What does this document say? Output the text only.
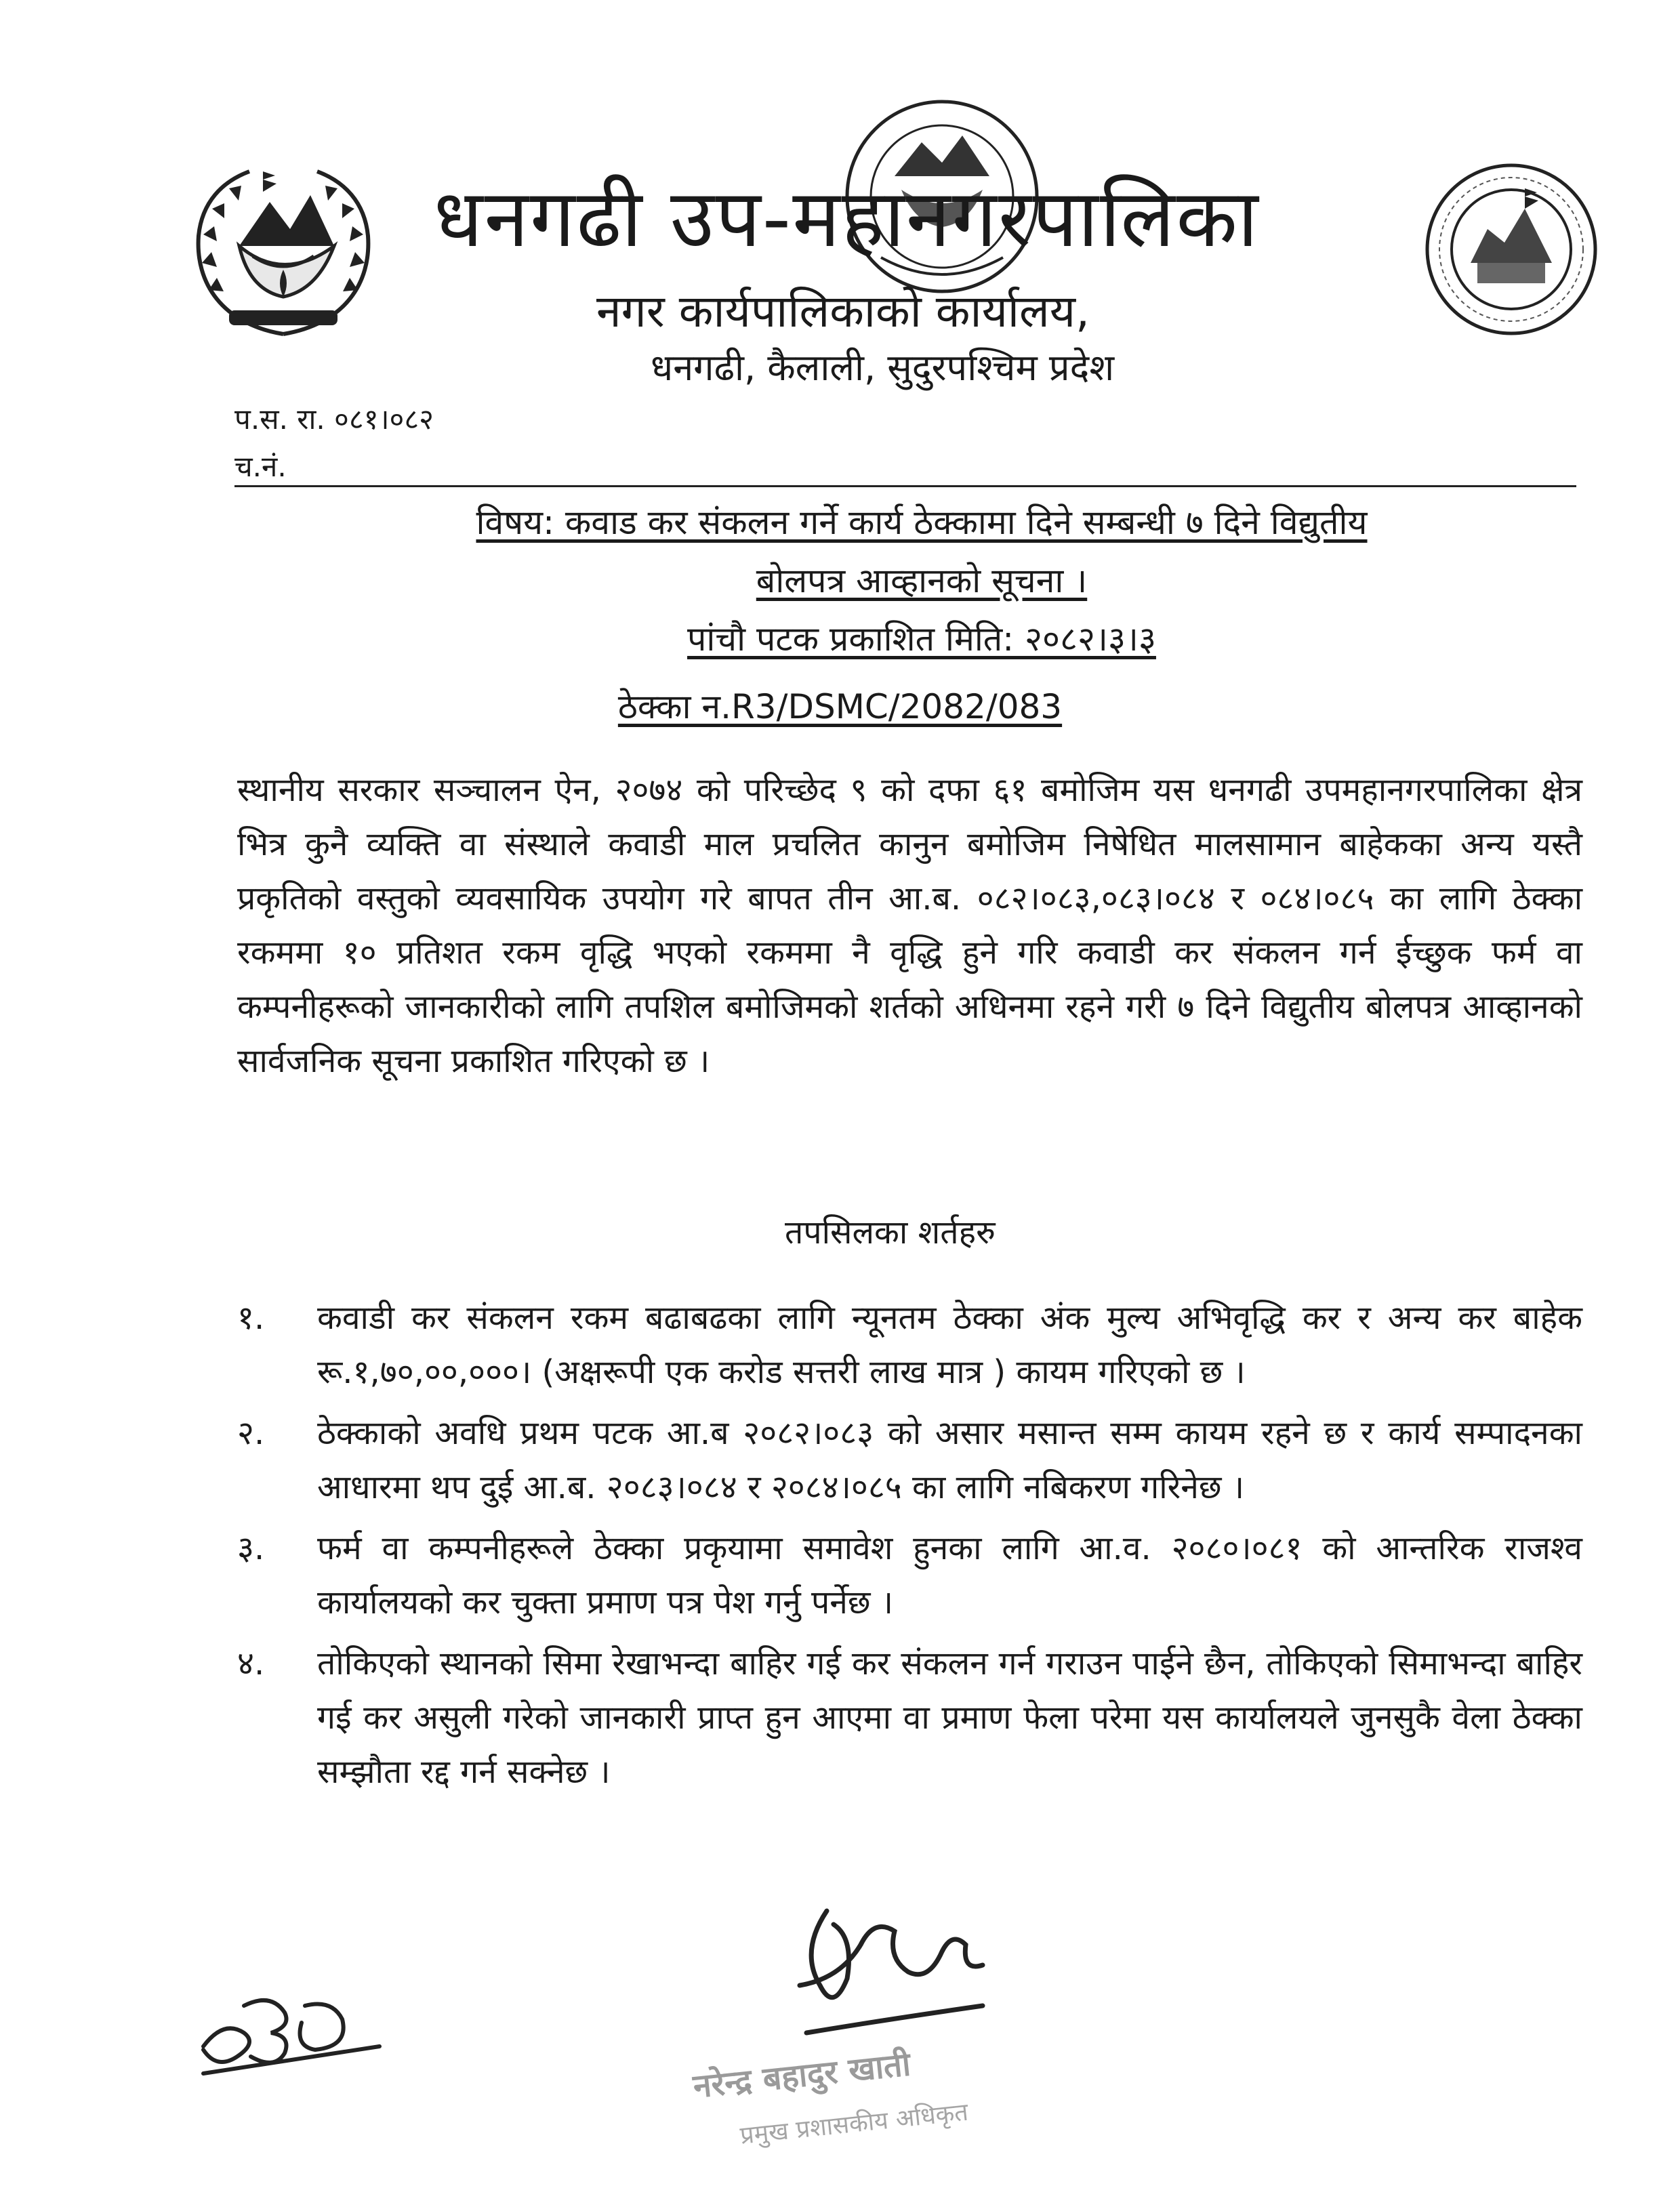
धनगढी उप-महानगरपालिका
नगर कार्यपालिकाको कार्यालय,
धनगढी, कैलाली, सुदुरपश्चिम प्रदेश
प.स. रा. ०८१।०८२
च.नं.
विषय: कवाड कर संकलन गर्ने कार्य ठेक्कामा दिने सम्बन्धी ७ दिने विद्युतीय
बोलपत्र आव्हानको सूचना ।
पांचौ पटक प्रकाशित मिति: २०८२।३।३
ठेक्का न.R3/DSMC/2082/083
स्थानीय सरकार सञ्चालन ऐन, २०७४ को परिच्छेद ९ को दफा ६१ बमोजिम यस धनगढी उपमहानगरपालिका क्षेत्र भित्र कुनै व्यक्ति वा संस्थाले कवाडी माल प्रचलित कानुन बमोजिम निषेधित मालसामान बाहेकका अन्य यस्तै प्रकृतिको वस्तुको व्यवसायिक उपयोग गरे बापत तीन आ.ब. ०८२।०८३,०८३।०८४ र ०८४।०८५ का लागि ठेक्का रकममा १० प्रतिशत रकम वृद्धि भएको रकममा नै वृद्धि हुने गरि कवाडी कर संकलन गर्न ईच्छुक फर्म वा कम्पनीहरूको जानकारीको लागि तपशिल बमोजिमको शर्तको अधिनमा रहने गरी ७ दिने विद्युतीय बोलपत्र आव्हानको सार्वजनिक सूचना प्रकाशित गरिएको छ ।
तपसिलका शर्तहरु
१.	कवाडी कर संकलन रकम बढाबढका लागि न्यूनतम ठेक्का अंक मुल्य अभिवृद्धि कर र अन्य कर बाहेक रू.१,७०,००,०००। (अक्षरूपी एक करोड सत्तरी लाख मात्र ) कायम गरिएको छ ।
२.	ठेक्काको अवधि प्रथम पटक आ.ब २०८२।०८३ को असार मसान्त सम्म कायम रहने छ र कार्य सम्पादनका आधारमा थप दुई आ.ब. २०८३।०८४ र २०८४।०८५ का लागि नबिकरण गरिनेछ ।
३.	फर्म वा कम्पनीहरूले ठेक्का प्रकृयामा समावेश हुनका लागि आ.व. २०८०।०८१ को आन्तरिक राजश्व कार्यालयको कर चुक्ता प्रमाण पत्र पेश गर्नु पर्नेछ ।
४.	तोकिएको स्थानको सिमा रेखाभन्दा बाहिर गई कर संकलन गर्न गराउन पाईने छैन, तोकिएको सिमाभन्दा बाहिर गई कर असुली गरेको जानकारी प्राप्त हुन आएमा वा प्रमाण फेला परेमा यस कार्यालयले जुनसुकै वेला ठेक्का सम्झौता रद्द गर्न सक्नेछ ।
नरेन्द्र बहादुर खाती
प्रमुख प्रशासकीय अधिकृत
